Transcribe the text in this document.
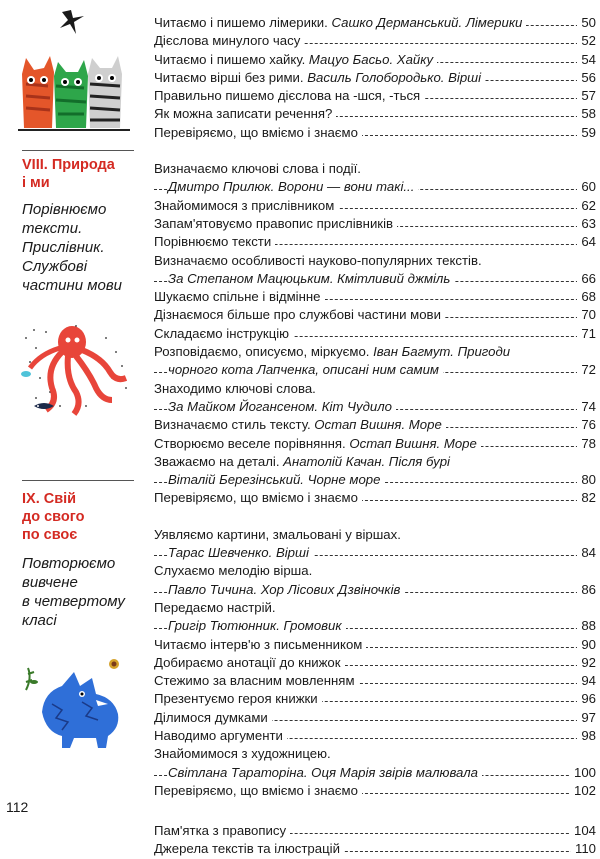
VIII. Природа
і ми
Порівнюємо
тексти.
Прислівник.
Службові
частини мови
IX. Свій
до свого
по своє
Повторюємо
вивчене
в четвертому
класі
112
Читаємо і пишемо лімерики. Сашко Дерманський. Лімерики	50
Дієслова минулого часу	52
Читаємо і пишемо хайку. Мацуо Басьо. Хайку	54
Читаємо вірші без рими. Василь Голобородько. Вірші	56
Правильно пишемо дієслова на -шся, -ться	57
Як можна записати речення?	58
Перевіряємо, що вмiємо і знаємо	59
Визначаємо ключові слова і події.
Дмитро Прилюк. Ворони — вони такі...	60
Знайомимося з прислівником	62
Запам'ятовуємо правопис прислівників	63
Порівнюємо тексти	64
Визначаємо особливості науково-популярних текстів.
За Степаном Мацюцьким. Кмітливий джміль	66
Шукаємо спільне і відмінне	68
Дізнаємося більше про службові частини мови	70
Складаємо інструкцію	71
Розповідаємо, описуємо, міркуємо. Іван Багмут. Пригоди
чорного кота Лапченка, описані ним самим	72
Знаходимо ключові слова.
За Майком Йогансеном. Кіт Чудило	74
Визначаємо стиль тексту. Остап Вишня. Море	76
Створюємо веселе порівняння. Остап Вишня. Море	78
Зважаємо на деталі. Анатолій Качан. Після бурі
Віталій Березінський. Чорне море	80
Перевіряємо, що вміємо і знаємо	82
Уявляємо картини, змальовані у віршах.
Тарас Шевченко. Вірші	84
Слухаємо мелодію вірша.
Павло Тичина. Хор Лісових Дзвіночків	86
Передаємо настрій.
Григір Тютюнник. Громовик	88
Читаємо інтерв'ю з письменником	90
Добираємо анотації до книжок	92
Стежимо за власним мовленням	94
Презентуємо героя книжки	96
Ділимося думками	97
Наводимо аргументи	98
Знайомимося з художницею.
Світлана Тараторіна. Оця Марія звірів малювала	100
Перевіряємо, що вміємо і знаємо	102
Пам'ятка з правопису	104
Джерела текстів та ілюстрацій	110
